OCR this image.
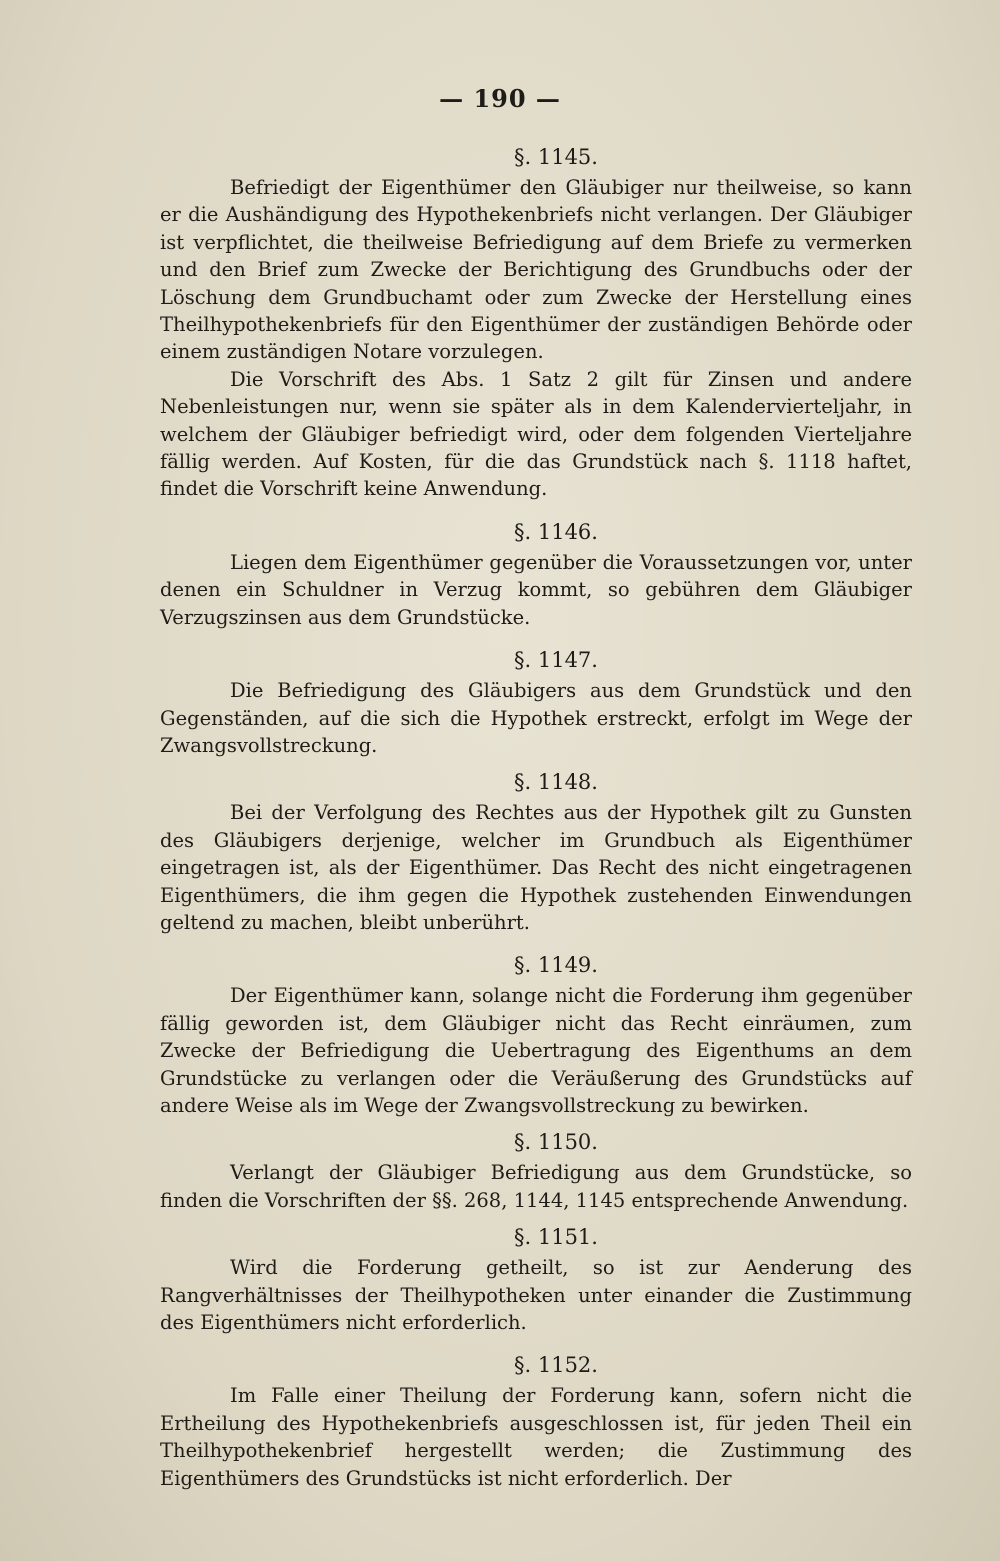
— 190 —
§. 1145.

Befriedigt der Eigenthümer den Gläubiger nur theilweise, so kann er die Aushändigung des Hypothekenbriefs nicht verlangen. Der Gläubiger ist verpflichtet, die theilweise Befriedigung auf dem Briefe zu vermerken und den Brief zum Zwecke der Berichtigung des Grundbuchs oder der Löschung dem Grundbuchamt oder zum Zwecke der Herstellung eines Theilhypothekenbriefs für den Eigenthümer der zuständigen Behörde oder einem zuständigen Notare vorzulegen.

Die Vorschrift des Abs. 1 Satz 2 gilt für Zinsen und andere Nebenleistungen nur, wenn sie später als in dem Kalendervierteljahr, in welchem der Gläubiger befriedigt wird, oder dem folgenden Vierteljahre fällig werden. Auf Kosten, für die das Grundstück nach §. 1118 haftet, findet die Vorschrift keine Anwendung.

§. 1146.

Liegen dem Eigenthümer gegenüber die Voraussetzungen vor, unter denen ein Schuldner in Verzug kommt, so gebühren dem Gläubiger Verzugszinsen aus dem Grundstücke.

§. 1147.

Die Befriedigung des Gläubigers aus dem Grundstück und den Gegenständen, auf die sich die Hypothek erstreckt, erfolgt im Wege der Zwangsvollstreckung.

§. 1148.

Bei der Verfolgung des Rechtes aus der Hypothek gilt zu Gunsten des Gläubigers derjenige, welcher im Grundbuch als Eigenthümer eingetragen ist, als der Eigenthümer. Das Recht des nicht eingetragenen Eigenthümers, die ihm gegen die Hypothek zustehenden Einwendungen geltend zu machen, bleibt unberührt.

§. 1149.

Der Eigenthümer kann, solange nicht die Forderung ihm gegenüber fällig geworden ist, dem Gläubiger nicht das Recht einräumen, zum Zwecke der Befriedigung die Uebertragung des Eigenthums an dem Grundstücke zu verlangen oder die Veräußerung des Grundstücks auf andere Weise als im Wege der Zwangsvollstreckung zu bewirken.

§. 1150.

Verlangt der Gläubiger Befriedigung aus dem Grundstücke, so finden die Vorschriften der §§. 268, 1144, 1145 entsprechende Anwendung.

§. 1151.

Wird die Forderung getheilt, so ist zur Aenderung des Rangverhältnisses der Theilhypotheken unter einander die Zustimmung des Eigenthümers nicht erforderlich.

§. 1152.

Im Falle einer Theilung der Forderung kann, sofern nicht die Ertheilung des Hypothekenbriefs ausgeschlossen ist, für jeden Theil ein Theilhypothekenbrief hergestellt werden; die Zustimmung des Eigenthümers des Grundstücks ist nicht erforderlich. Der
